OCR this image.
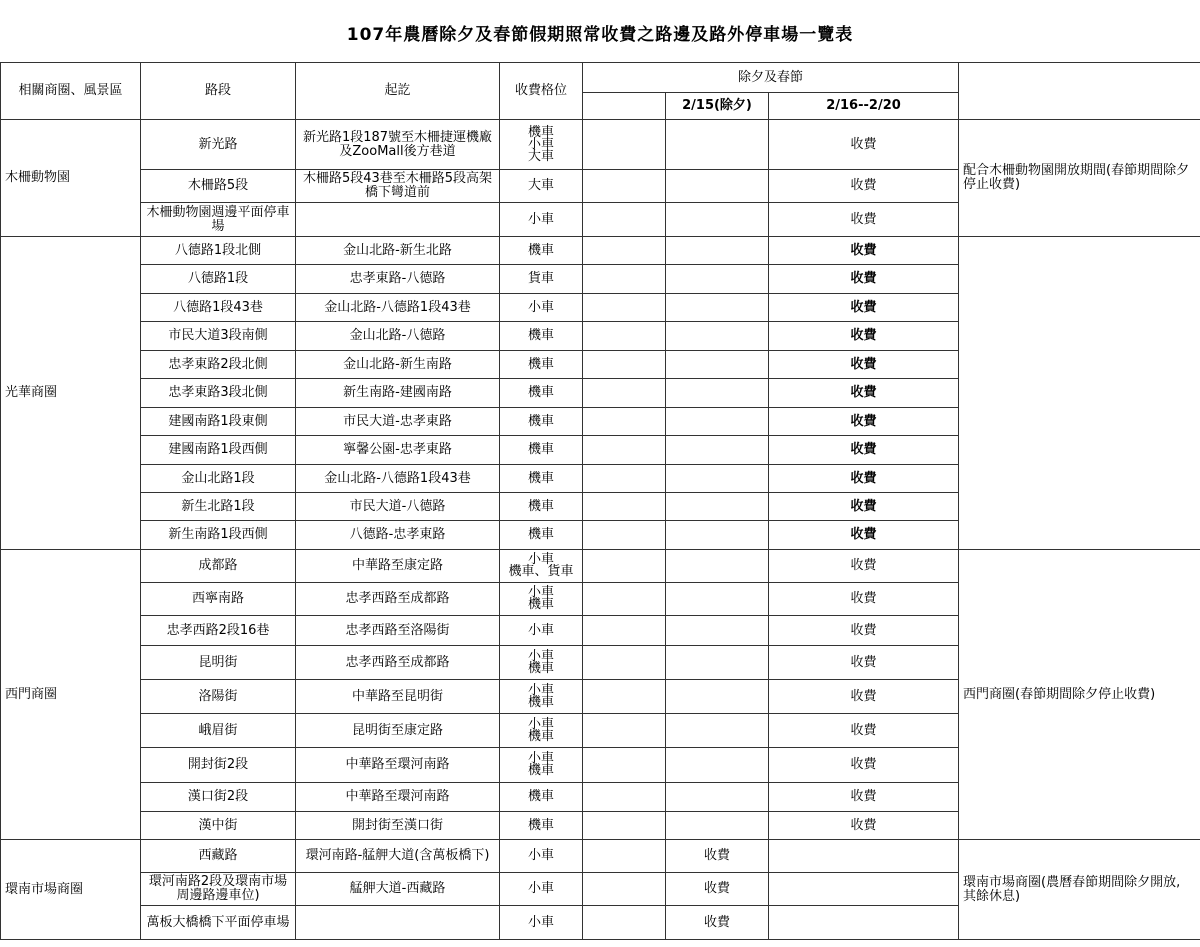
107年農曆除夕及春節假期照常收費之路邊及路外停車場一覽表
相關商圈、風景區	路段	起訖	收費格位	除夕及春節			
					2/15(除夕)	2/16--2/20	
木柵動物園	新光路	新光路1段187號至木柵捷運機廠及ZooMall後方巷道	機車
小車
大車			收費	配合木柵動物園開放期間(春節期間除夕停止收費)
	木柵路5段	木柵路5段43巷至木柵路5段高架橋下彎道前	大車			收費	
	木柵動物園週邊平面停車場		小車			收費	
光華商圈	八德路1段北側	金山北路-新生北路	機車			收費	
	八德路1段	忠孝東路-八德路	貨車			收費	
	八德路1段43巷	金山北路-八德路1段43巷	小車			收費	
	市民大道3段南側	金山北路-八德路	機車			收費	
	忠孝東路2段北側	金山北路-新生南路	機車			收費	
	忠孝東路3段北側	新生南路-建國南路	機車			收費	
	建國南路1段東側	市民大道-忠孝東路	機車			收費	
	建國南路1段西側	寧馨公園-忠孝東路	機車			收費	
	金山北路1段	金山北路-八德路1段43巷	機車			收費	
	新生北路1段	市民大道-八德路	機車			收費	
	新生南路1段西側	八德路-忠孝東路	機車			收費	
西門商圈	成都路	中華路至康定路	小車
機車、貨車			收費	西門商圈(春節期間除夕停止收費)
	西寧南路	忠孝西路至成都路	小車
機車			收費	
	忠孝西路2段16巷	忠孝西路至洛陽街	小車			收費	
	昆明街	忠孝西路至成都路	小車
機車			收費	
	洛陽街	中華路至昆明街	小車
機車			收費	
	峨眉街	昆明街至康定路	小車
機車			收費	
	開封街2段	中華路至環河南路	小車
機車			收費	
	漢口街2段	中華路至環河南路	機車			收費	
	漢中街	開封街至漢口街	機車			收費	
環南市場商圈	西藏路	環河南路-艋舺大道(含萬板橋下)	小車		收費		環南市場商圈(農曆春節期間除夕開放, 其餘休息)
	環河南路2段及環南市場周邊路邊車位)	艋舺大道-西藏路	小車		收費		
	萬板大橋橋下平面停車場		小車		收費		
